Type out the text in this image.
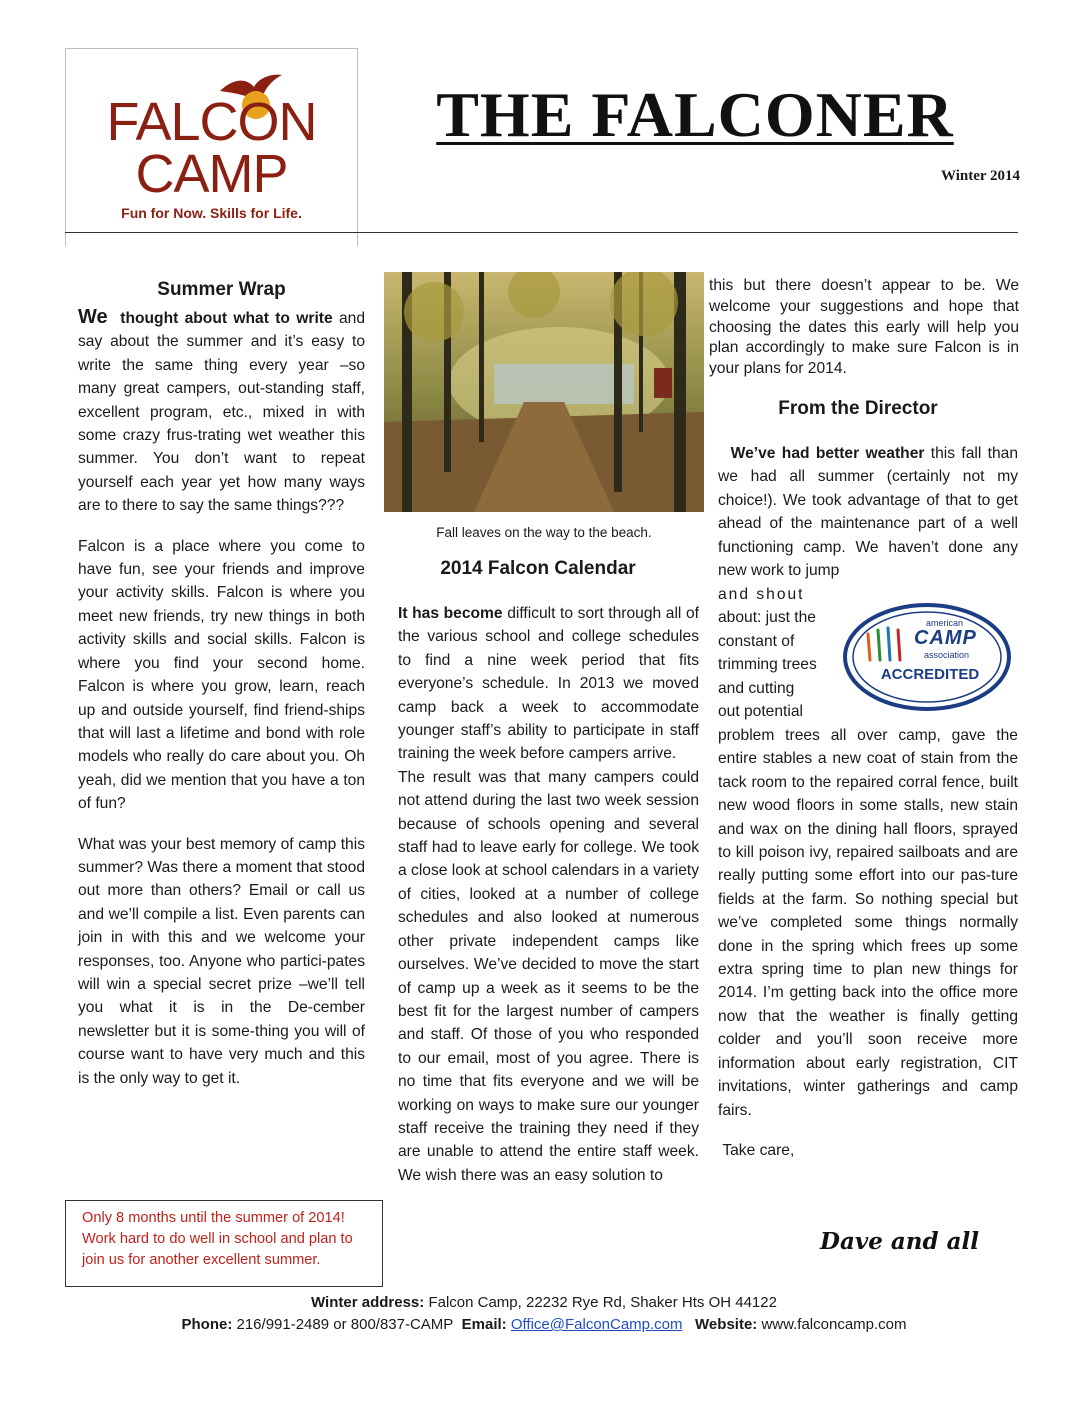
FALCON
CAMP
Fun for Now. Skills for Life.
THE FALCONER
Winter 2014
Summer Wrap

We thought about what to write and say about the summer and it’s easy to write the same thing every year –so many great campers, out-standing staff, excellent program, etc., mixed in with some crazy frus-trating wet weather this summer. You don’t want to repeat yourself each year yet how many ways are to there to say the same things???

Falcon is a place where you come to have fun, see your friends and improve your activity skills. Falcon is where you meet new friends, try new things in both activity skills and social skills. Falcon is where you find your second home. Falcon is where you grow, learn, reach up and outside yourself, find friend-ships that will last a lifetime and bond with role models who really do care about you. Oh yeah, did we mention that you have a ton of fun?

What was your best memory of camp this summer? Was there a moment that stood out more than others? Email or call us and we’ll compile a list. Even parents can join in with this and we welcome your responses, too. Anyone who partici-pates will win a special secret prize –we’ll tell you what it is in the De-cember newsletter but it is some-thing you will of course want to have very much and this is the only way to get it.

Only 8 months until the summer of 2014!
Work hard to do well in school and plan to join us for another excellent summer.
Fall leaves on the way to the beach.
2014 Falcon Calendar

It has become difficult to sort through all of the various school and college schedules to find a nine week period that fits everyone’s schedule. In 2013 we moved camp back a week to accommodate younger staff’s ability to participate in staff training the week before campers arrive.

The result was that many campers could not attend during the last two week session because of schools opening and several staff had to leave early for college. We took a close look at school calendars in a variety of cities, looked at a number of college schedules and also looked at numerous other private independent camps like ourselves. We’ve decided to move the start of camp up a week as it seems to be the best fit for the largest number of campers and staff. Of those of you who responded to our email, most of you agree. There is no time that fits everyone and we will be working on ways to make sure our younger staff receive the training they need if they are unable to attend the entire staff week. We wish there was an easy solution to

this but there doesn’t appear to be. We welcome your suggestions and hope that choosing the dates this early will help you plan accordingly to make sure Falcon is in your plans for 2014.
From the Director

We’ve had better weather this fall than we had all summer (certainly not my choice!). We took advantage of that to get ahead of the maintenance part of a well functioning camp. We haven’t done any new work to jump

and shout
about: just the
constant of
trimming trees
and cutting
out potential
american
CAMP
association
ACCREDITED

problem trees all over camp, gave the entire stables a new coat of stain from the tack room to the repaired corral fence, built new wood floors in some stalls, new stain and wax on the dining hall floors, sprayed to kill poison ivy, repaired sailboats and are really putting some effort into our pas-ture fields at the farm. So nothing special but we’ve completed some things normally done in the spring which frees up some extra spring time to plan new things for 2014. I’m getting back into the office more now that the weather is finally getting colder and you’ll soon receive more information about early registration, CIT invitations, winter gatherings and camp fairs.

Take care,

Dave and all
Winter address: Falcon Camp, 22232 Rye Rd, Shaker Hts OH 44122
Phone: 216/991-2489 or 800/837-CAMP Email: Office@FalconCamp.com Website: www.falconcamp.com
